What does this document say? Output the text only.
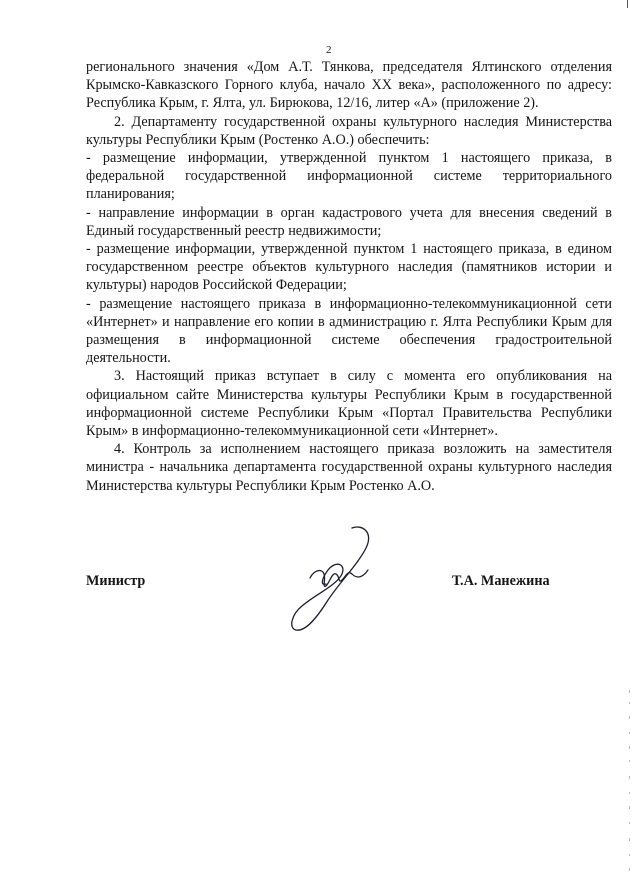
2

регионального значения «Дом А.Т. Тянкова, председателя Ялтинского отделения Крымско-Кавказского Горного клуба, начало XX века», расположенного по адресу: Республика Крым, г. Ялта, ул. Бирюкова, 12/16, литер «А» (приложение 2).

2. Департаменту государственной охраны культурного наследия Министерства культуры Республики Крым (Ростенко А.О.) обеспечить:

- размещение информации, утвержденной пунктом 1 настоящего приказа, в федеральной государственной информационной системе территориального планирования;

- направление информации в орган кадастрового учета для внесения сведений в Единый государственный реестр недвижимости;

- размещение информации, утвержденной пунктом 1 настоящего приказа, в едином государственном реестре объектов культурного наследия (памятников истории и культуры) народов Российской Федерации;

- размещение настоящего приказа в информационно-телекоммуникационной сети «Интернет» и направление его копии в администрацию г. Ялта Республики Крым для размещения в информационной системе обеспечения градостроительной деятельности.

3. Настоящий приказ вступает в силу с момента его опубликования на официальном сайте Министерства культуры Республики Крым в государственной информационной системе Республики Крым «Портал Правительства Республики Крым» в информационно-телекоммуникационной сети «Интернет».

4. Контроль за исполнением настоящего приказа возложить на заместителя министра - начальника департамента государственной охраны культурного наследия Министерства культуры Республики Крым Ростенко А.О.

Министр	Т.А. Манежина
